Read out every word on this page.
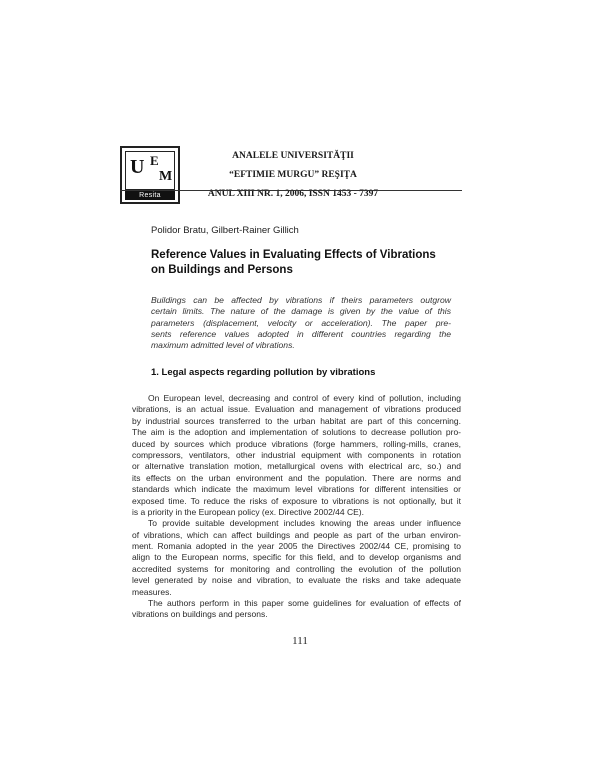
U E
M
Resita
ANALELE UNIVERSITĂŢII
“EFTIMIE MURGU” REŞIŢA
ANUL XIII NR. 1, 2006, ISSN 1453 - 7397
Polidor Bratu, Gilbert-Rainer Gillich
Reference Values in Evaluating Effects of Vibrations
on Buildings and Persons
Buildings can be affected by vibrations if theirs parameters outgrow
certain limits. The nature of the damage is given by the value of this
parameters (displacement, velocity or acceleration). The paper pre-
sents reference values adopted in different countries regarding the
maximum admitted level of vibrations.
1. Legal aspects regarding pollution by vibrations
On European level, decreasing and control of every kind of pollution, including
vibrations, is an actual issue. Evaluation and management of vibrations produced
by industrial sources transferred to the urban habitat are part of this concerning.
The aim is the adoption and implementation of solutions to decrease pollution pro-
duced by sources which produce vibrations (forge hammers, rolling-mills, cranes,
compressors, ventilators, other industrial equipment with components in rotation
or alternative translation motion, metallurgical ovens with electrical arc, so.) and
its effects on the urban environment and the population. There are norms and
standards which indicate the maximum level vibrations for different intensities or
exposed time. To reduce the risks of exposure to vibrations is not optionally, but it
is a priority in the European policy (ex. Directive 2002/44 CE).
To provide suitable development includes knowing the areas under influence
of vibrations, which can affect buildings and people as part of the urban environ-
ment. Romania adopted in the year 2005 the Directives 2002/44 CE, promising to
align to the European norms, specific for this field, and to develop organisms and
accredited systems for monitoring and controlling the evolution of the pollution
level generated by noise and vibration, to evaluate the risks and take adequate
measures.
The authors perform in this paper some guidelines for evaluation of effects of
vibrations on buildings and persons.
111
